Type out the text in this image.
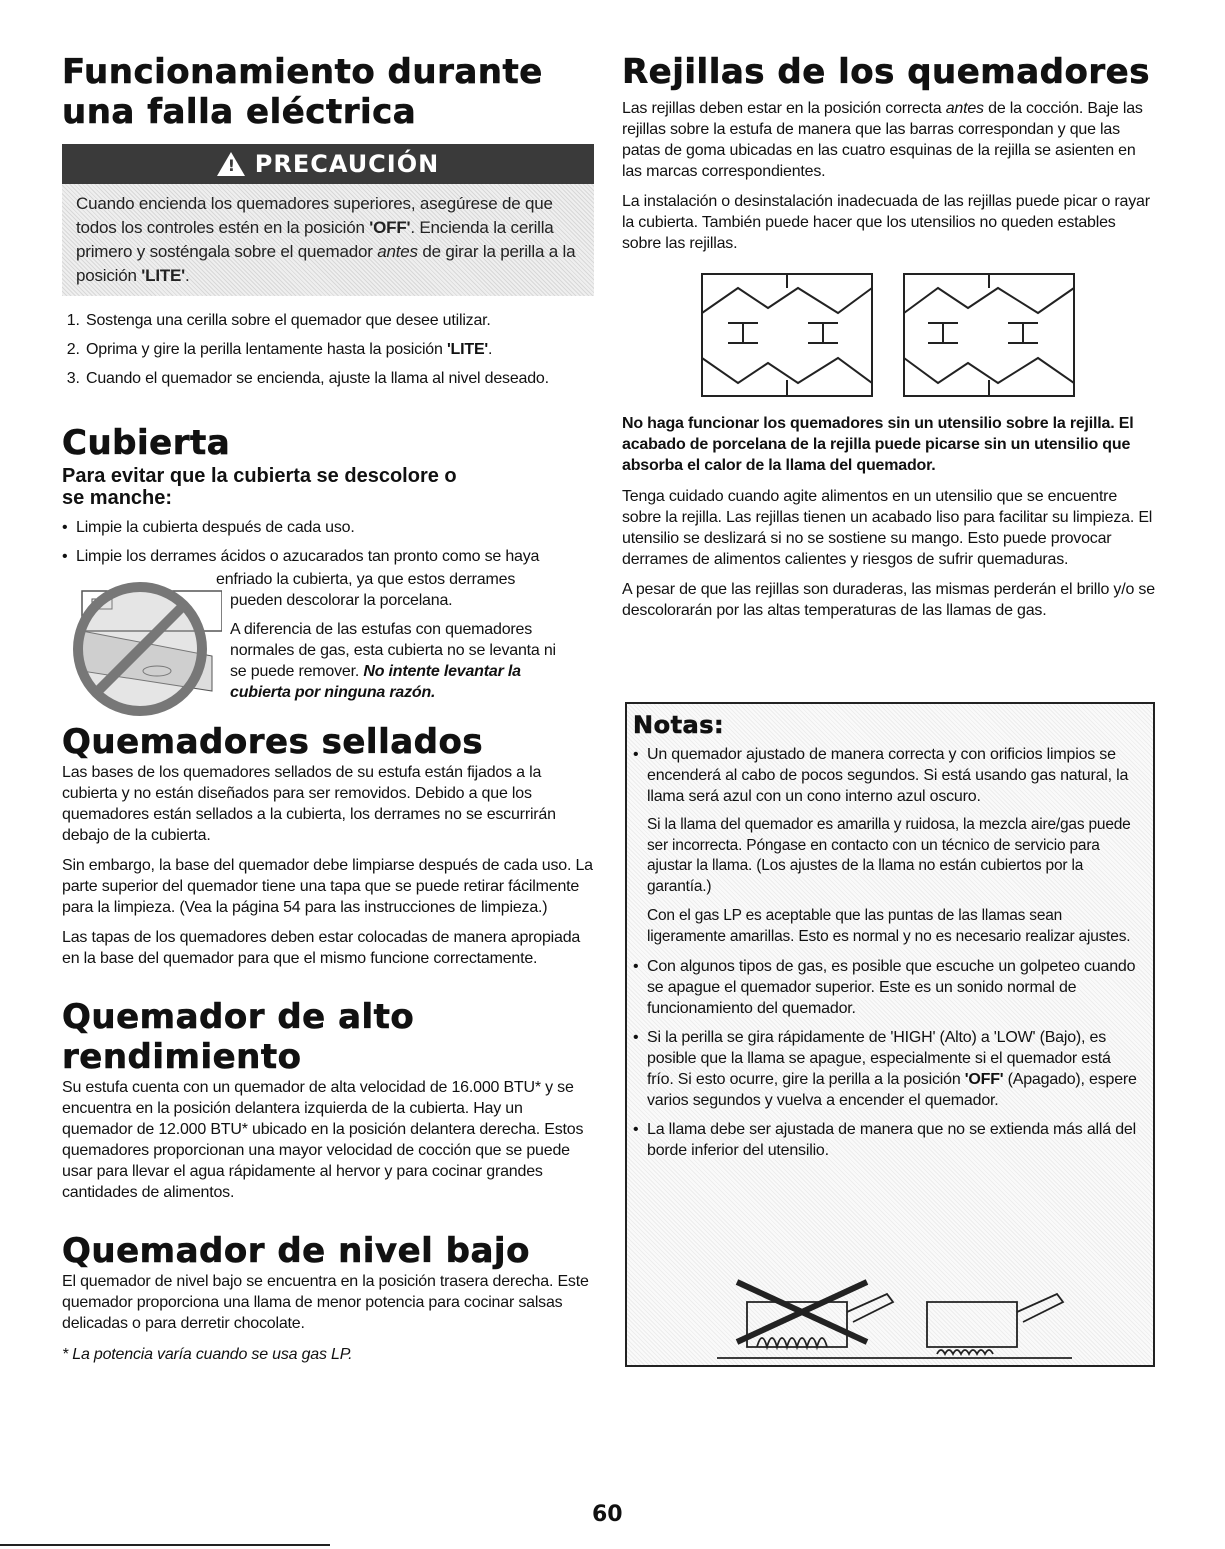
Funcionamiento durante
una falla eléctrica
!
PRECAUCIÓN
Cuando encienda los quemadores superiores, asegúrese de que todos los controles estén en la posición 'OFF'. Encienda la cerilla primero y sosténgala sobre el quemador antes de girar la perilla a la posición 'LITE'.
1. Sostenga una cerilla sobre el quemador que desee utilizar.
2. Oprima y gire la perilla lentamente hasta la posición 'LITE'.
3. Cuando el quemador se encienda, ajuste la llama al nivel deseado.
Cubierta
Para evitar que la cubierta se descolore o
se manche:
• Limpie la cubierta después de cada uso.
• Limpie los derrames ácidos o azucarados tan pronto como se haya
enfriado la cubierta, ya que estos derrames
pueden descolorar la porcelana.
A diferencia de las estufas con quemadores
normales de gas, esta cubierta no se levanta ni
se puede remover. No intente levantar la
cubierta por ninguna razón.
Quemadores sellados

Las bases de los quemadores sellados de su estufa están fijados a la cubierta y no están diseñados para ser removidos. Debido a que los quemadores están sellados a la cubierta, los derrames no se escurrirán debajo de la cubierta.

Sin embargo, la base del quemador debe limpiarse después de cada uso. La parte superior del quemador tiene una tapa que se puede retirar fácilmente para la limpieza. (Vea la página 54 para las instrucciones de limpieza.)

Las tapas de los quemadores deben estar colocadas de manera apropiada en la base del quemador para que el mismo funcione correctamente.

Quemador de alto rendimiento

Su estufa cuenta con un quemador de alta velocidad de 16.000 BTU* y se encuentra en la posición delantera izquierda de la cubierta. Hay un quemador de 12.000 BTU* ubicado en la posición delantera derecha. Estos quemadores proporcionan una mayor velocidad de cocción que se puede usar para llevar el agua rápidamente al hervor y para cocinar grandes cantidades de alimentos.

Quemador de nivel bajo

El quemador de nivel bajo se encuentra en la posición trasera derecha. Este quemador proporciona una llama de menor potencia para cocinar salsas delicadas o para derretir chocolate.

* La potencia varía cuando se usa gas LP.

Rejillas de los quemadores

Las rejillas deben estar en la posición correcta antes de la cocción. Baje las rejillas sobre la estufa de manera que las barras correspondan y que las patas de goma ubicadas en las cuatro esquinas de la rejilla se asienten en las marcas correspondientes.

La instalación o desinstalación inadecuada de las rejillas puede picar o rayar la cubierta. También puede hacer que los utensilios no queden estables sobre las rejillas.

No haga funcionar los quemadores sin un utensilio sobre la rejilla. El acabado de porcelana de la rejilla puede picarse sin un utensilio que absorba el calor de la llama del quemador.

Tenga cuidado cuando agite alimentos en un utensilio que se encuentre sobre la rejilla. Las rejillas tienen un acabado liso para facilitar su limpieza. El utensilio se deslizará si no se sostiene su mango. Esto puede provocar derrames de alimentos calientes y riesgos de sufrir quemaduras.

A pesar de que las rejillas son duraderas, las mismas perderán el brillo y/o se descolorarán por las altas temperaturas de las llamas de gas.

Notas:
• Un quemador ajustado de manera correcta y con orificios limpios se encenderá al cabo de pocos segundos. Si está usando gas natural, la llama será azul con un cono interno azul oscuro.

Si la llama del quemador es amarilla y ruidosa, la mezcla aire/gas puede ser incorrecta. Póngase en contacto con un técnico de servicio para ajustar la llama. (Los ajustes de la llama no están cubiertos por la garantía.)

Con el gas LP es aceptable que las puntas de las llamas sean ligeramente amarillas. Esto es normal y no es necesario realizar ajustes.

• Con algunos tipos de gas, es posible que escuche un golpeteo cuando se apague el quemador superior. Este es un sonido normal de funcionamiento del quemador.
• Si la perilla se gira rápidamente de 'HIGH' (Alto) a 'LOW' (Bajo), es posible que la llama se apague, especialmente si el quemador está frío. Si esto ocurre, gire la perilla a la posición 'OFF' (Apagado), espere varios segundos y vuelva a encender el quemador.
• La llama debe ser ajustada de manera que no se extienda más allá del borde inferior del utensilio.
60
